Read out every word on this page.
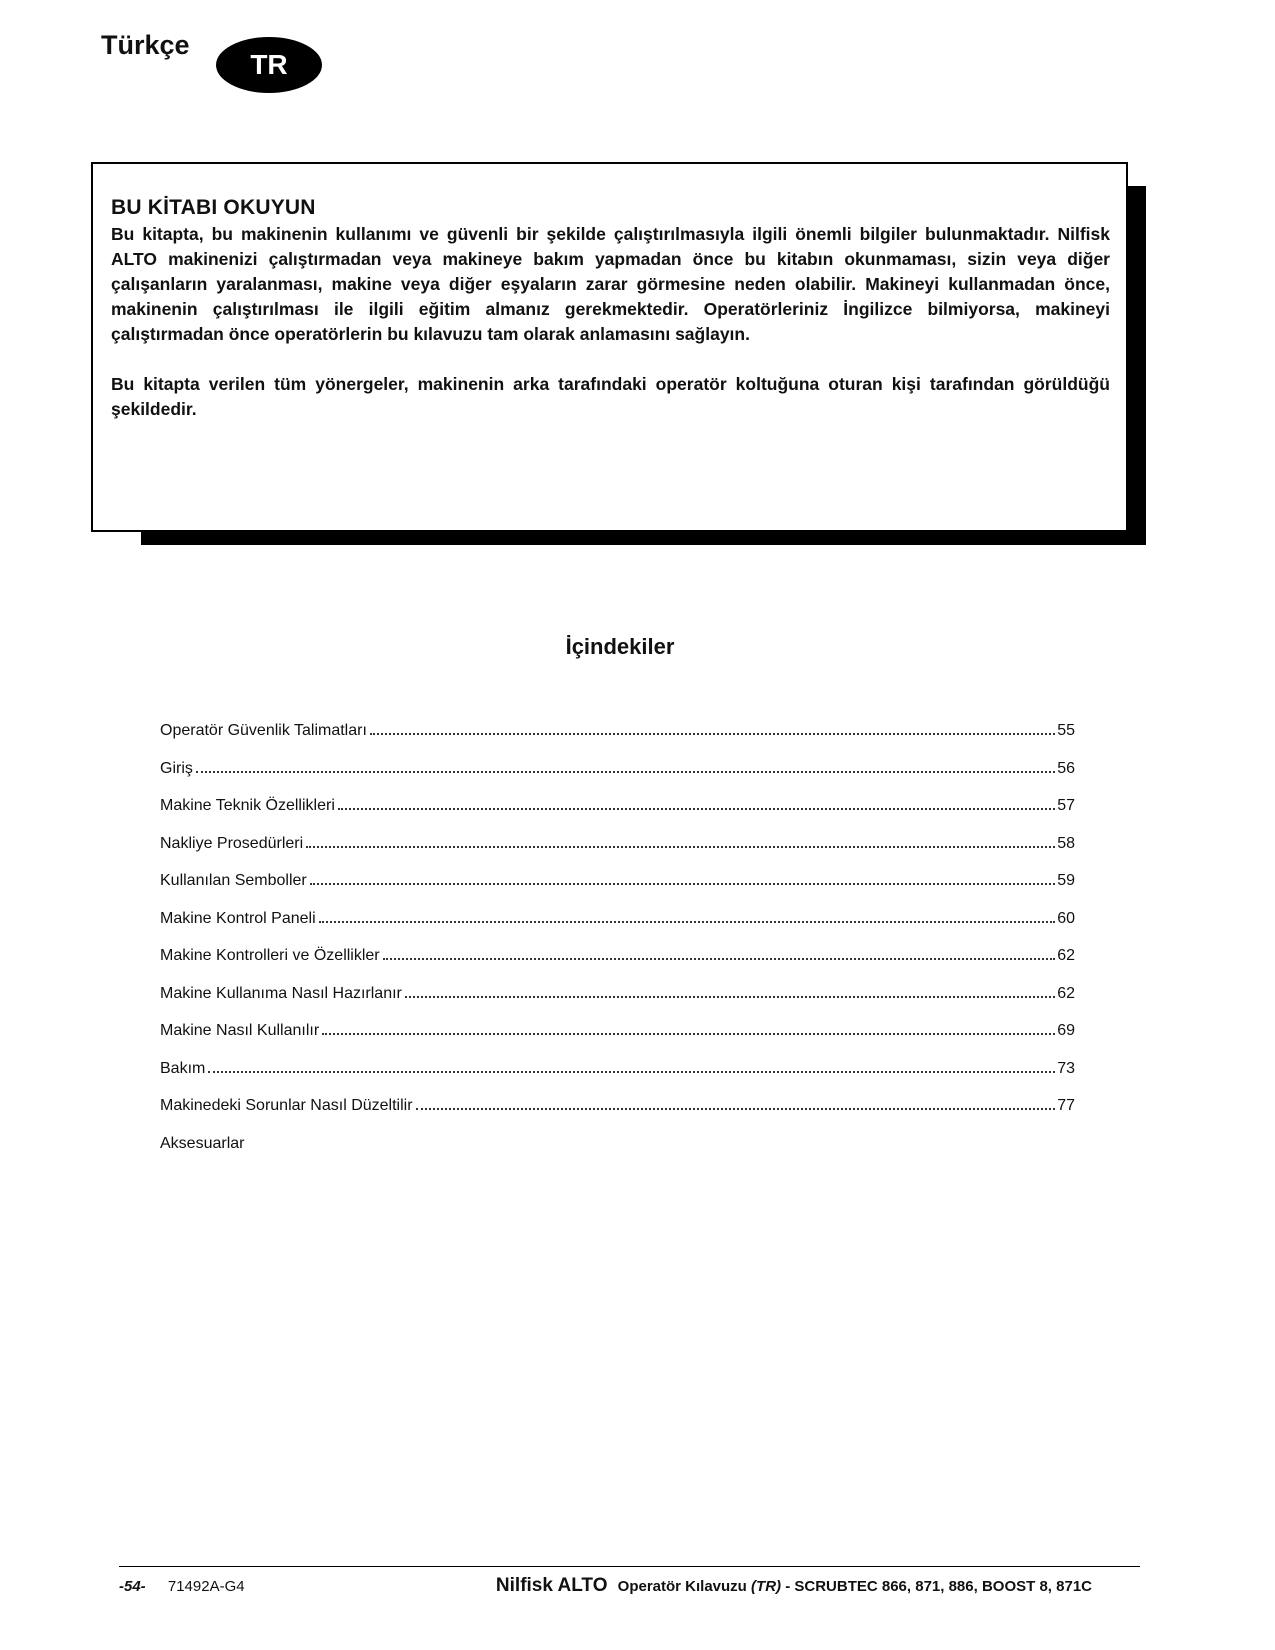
Türkçe
TR
BU KİTABI OKUYUN

Bu kitapta, bu makinenin kullanımı ve güvenli bir şekilde çalıştırılmasıyla ilgili önemli bilgiler bulunmaktadır. Nilfisk ALTO makinenizi çalıştırmadan veya makineye bakım yapmadan önce bu kitabın okunmaması, sizin veya diğer çalışanların yaralanması, makine veya diğer eşyaların zarar görmesine neden olabilir. Makineyi kullanmadan önce, makinenin çalıştırılması ile ilgili eğitim almanız gerekmektedir. Operatörleriniz İngilizce bilmiyorsa, makineyi çalıştırmadan önce operatörlerin bu kılavuzu tam olarak anlamasını sağlayın.

Bu kitapta verilen tüm yönergeler, makinenin arka tarafındaki operatör koltuğuna oturan kişi tarafından görüldüğü şekildedir.

İçindekiler
Operatör Güvenlik Talimatları	55
Giriş	56
Makine Teknik Özellikleri	57
Nakliye Prosedürleri	58
Kullanılan Semboller	59
Makine Kontrol Paneli	60
Makine Kontrolleri ve Özellikler	62
Makine Kullanıma Nasıl Hazırlanır	62
Makine Nasıl Kullanılır	69
Bakım	73
Makinedeki Sorunlar Nasıl Düzeltilir	77
Aksesuarlar
-54- 71492A-G4	Nilfisk ALTO Operatör Kılavuzu (TR) - SCRUBTEC 866, 871, 886, BOOST 8, 871C
